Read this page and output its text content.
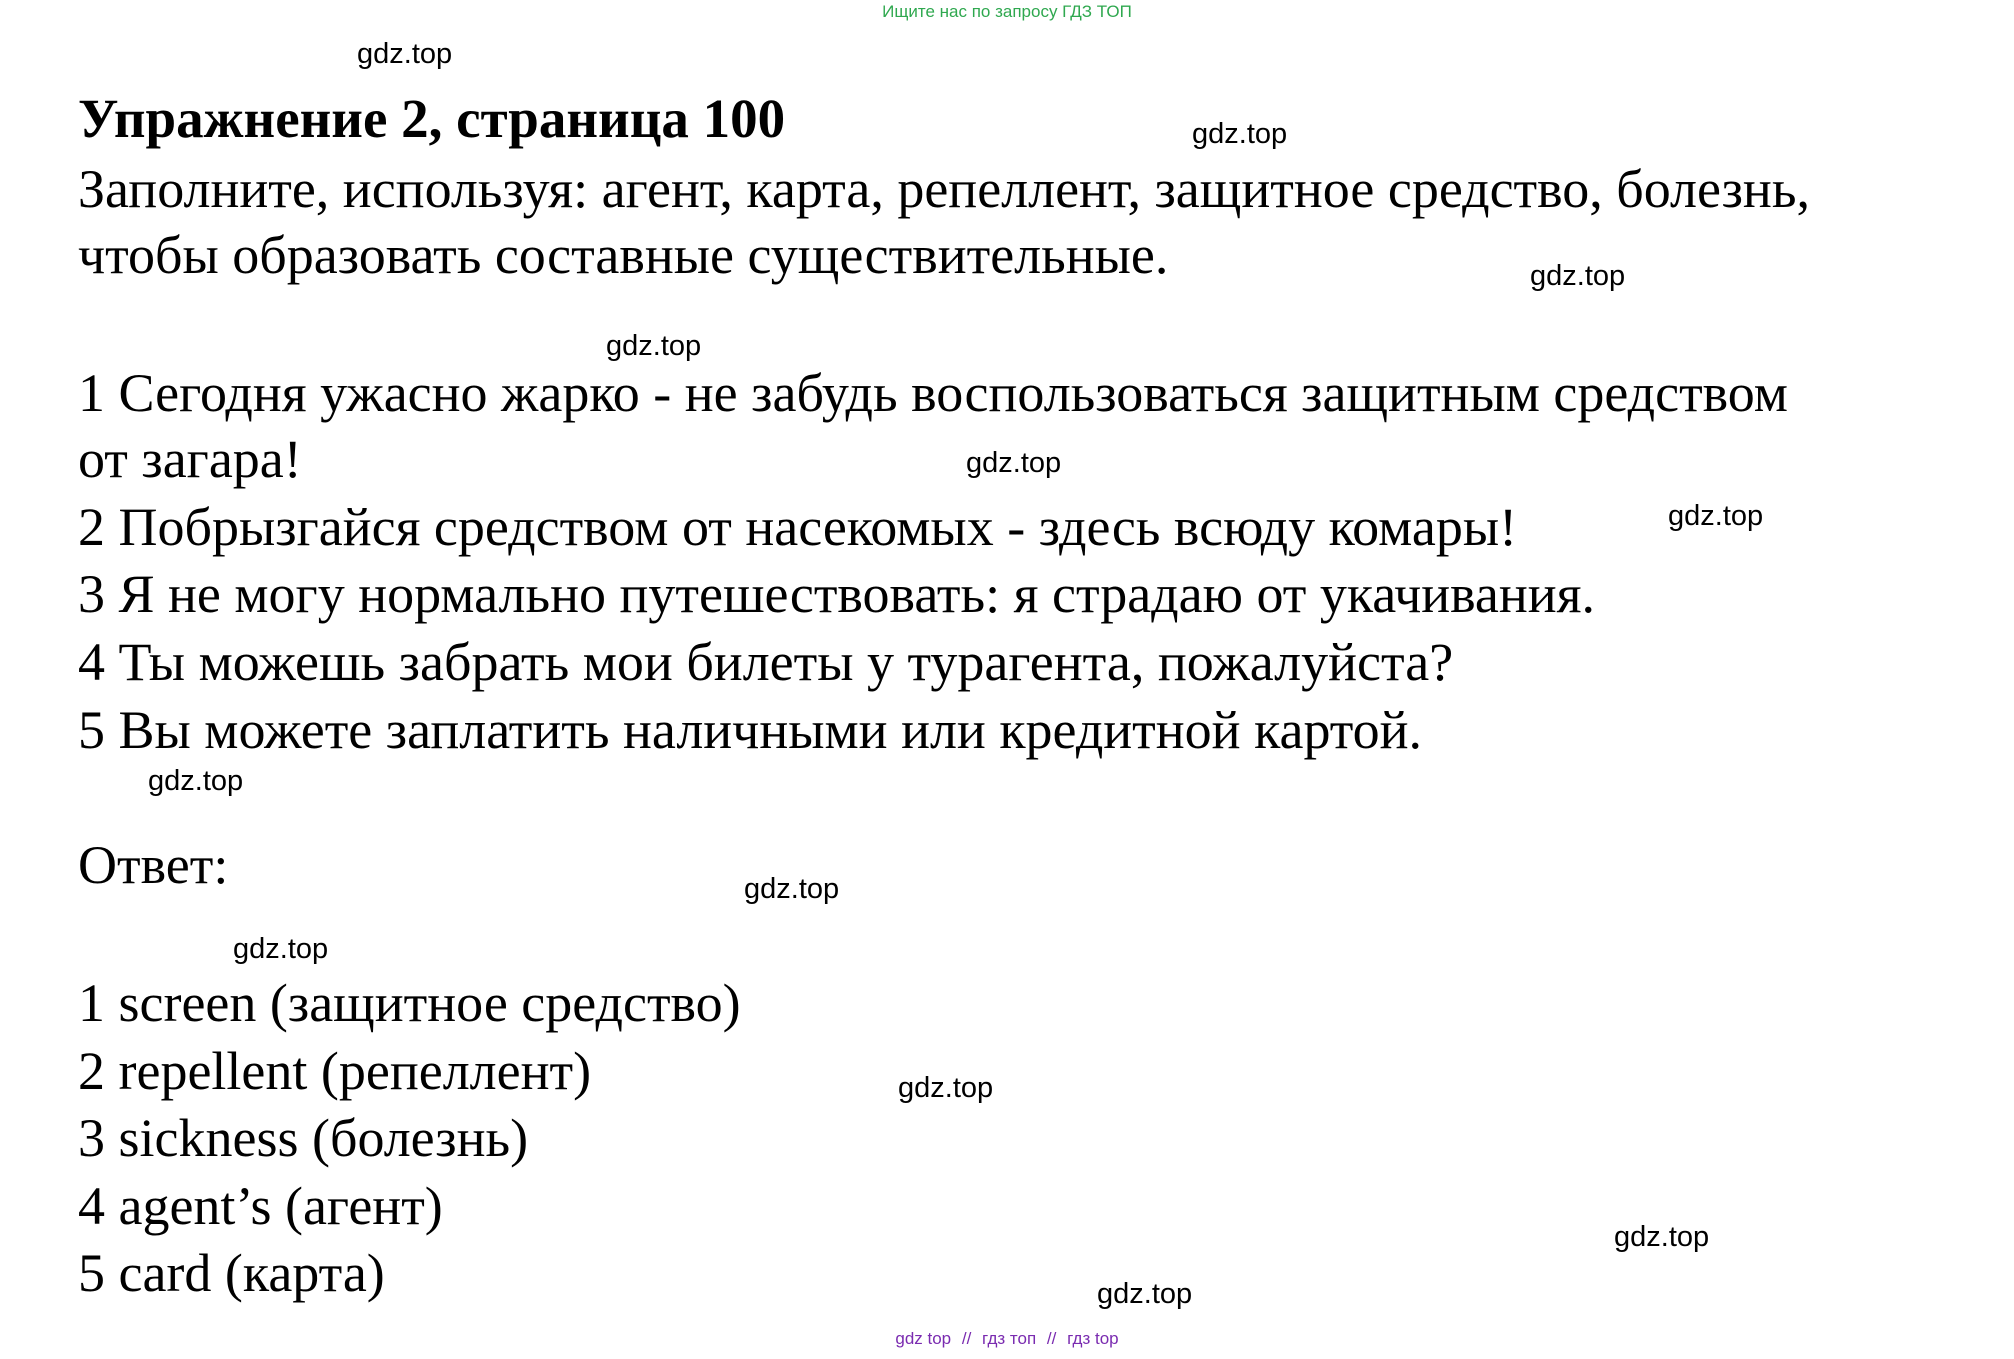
Ищите нас по запросу ГДЗ ТОП
Упражнение 2, страница 100
Заполните, используя: агент, карта, репеллент, защитное средство, болезнь,
чтобы образовать составные существительные.
1 Сегодня ужасно жарко - не забудь воспользоваться защитным средством
от загара!
2 Побрызгайся средством от насекомых - здесь всюду комары!
3 Я не могу нормально путешествовать: я страдаю от укачивания.
4 Ты можешь забрать мои билеты у турагента, пожалуйста?
5 Вы можете заплатить наличными или кредитной картой.
Ответ:
1 screen (защитное средство)
2 repellent (репеллент)
3 sickness (болезнь)
4 agent’s (агент)
5 card (карта)
gdz.top
gdz.top
gdz.top
gdz.top
gdz.top
gdz.top
gdz.top
gdz.top
gdz.top
gdz.top
gdz.top
gdz.top
gdz top // гдз топ // гдз top
